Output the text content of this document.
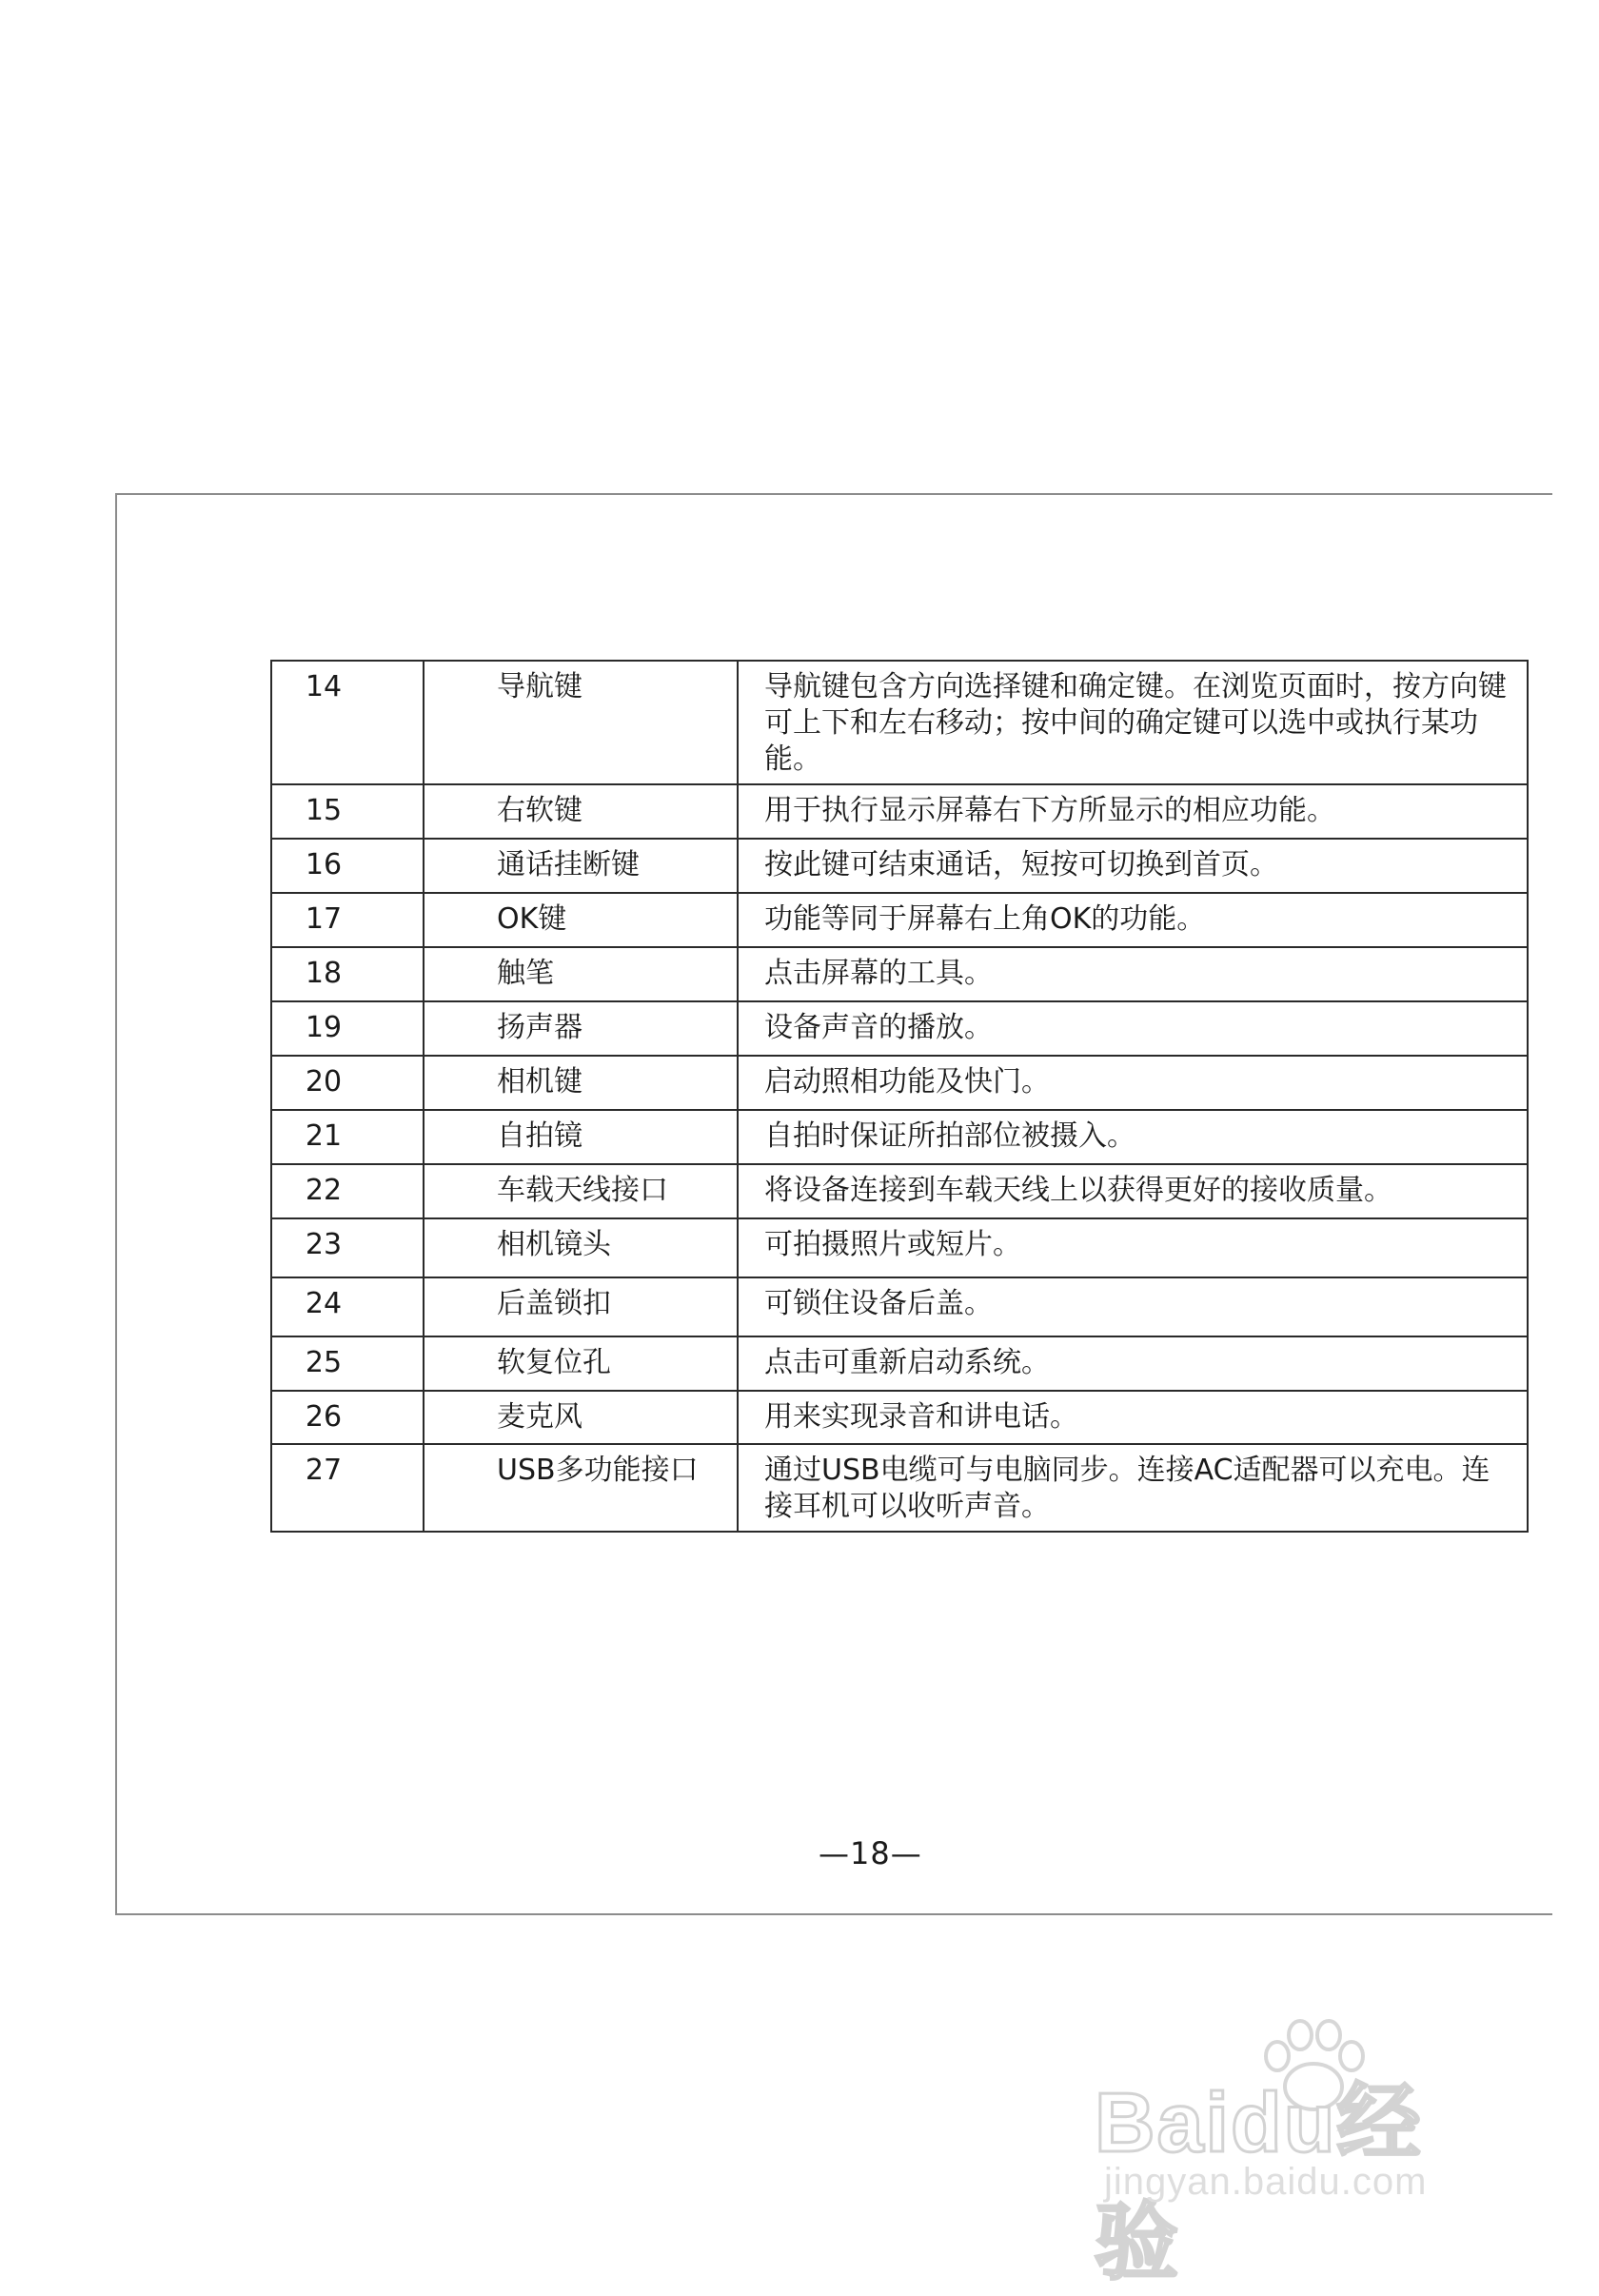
14	导航键	导航键包含方向选择键和确定键。在浏览页面时，按方向键可上下和左右移动；按中间的确定键可以选中或执行某功能。
15	右软键	用于执行显示屏幕右下方所显示的相应功能。
16	通话挂断键	按此键可结束通话，短按可切换到首页。
17	OK键	功能等同于屏幕右上角OK的功能。
18	触笔	点击屏幕的工具。
19	扬声器	设备声音的播放。
20	相机键	启动照相功能及快门。
21	自拍镜	自拍时保证所拍部位被摄入。
22	车载天线接口	将设备连接到车载天线上以获得更好的接收质量。
23	相机镜头	可拍摄照片或短片。
24	后盖锁扣	可锁住设备后盖。
25	软复位孔	点击可重新启动系统。
26	麦克风	用来实现录音和讲电话。
27	USB多功能接口	通过USB电缆可与电脑同步。连接AC适配器可以充电。连接耳机可以收听声音。
—18—
Baidu经验
jingyan.baidu.com
